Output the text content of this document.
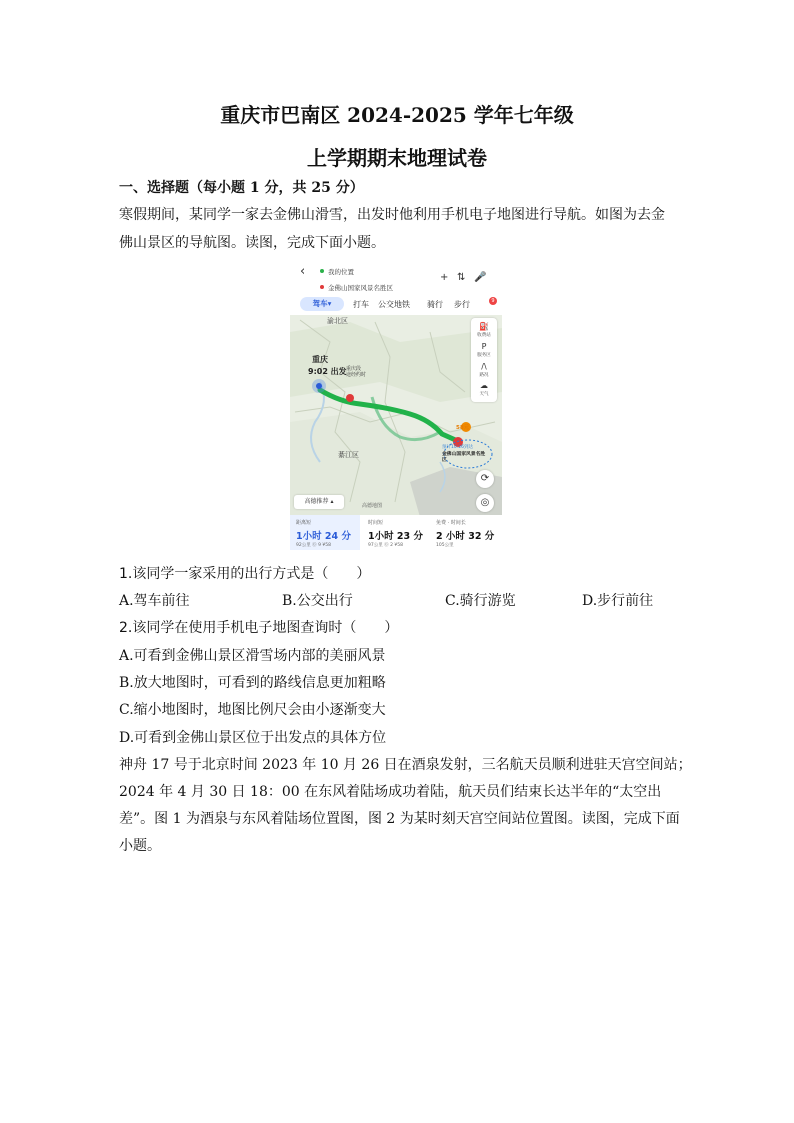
重庆市巴南区 2024-2025 学年七年级
上学期期末地理试卷
一、选择题（每小题 1 分，共 25 分）
寒假期间，某同学一家去金佛山滑雪，出发时他利用手机电子地图进行导航。如图为去金
佛山景区的导航图。读图，完成下面小题。
‹	我的位置
金佛山国家风景名胜区
+ ⇅ 🎤
驾车▾	打车 公交地铁 骑行 步行	9
⛽
收费站
P
服务区
/\
路况
☁
天气
渝北区
重庆
9:02 出发 重庆段
途经约时
綦江区
58元
预计10:26到达
金佛山国家风景名胜区
⟳
◎
高德推荐 ▴
高德地图
距离短
1小时 24 分
92公里 ⓪ 9 ¥58
时间短
1小时 23 分
97公里 ⓪ 2 ¥58
免费 · 时间长
2 小时 32 分
105公里
1.该同学一家采用的出行方式是（　　）
A.驾车前往	B.公交出行	C.骑行游览	D.步行前往
2.该同学在使用手机电子地图查询时（　　）
A.可看到金佛山景区滑雪场内部的美丽风景
B.放大地图时，可看到的路线信息更加粗略
C.缩小地图时，地图比例尺会由小逐渐变大
D.可看到金佛山景区位于出发点的具体方位
神舟 17 号于北京时间 2023 年 10 月 26 日在酒泉发射，三名航天员顺利进驻天宫空间站；
2024 年 4 月 30 日 18：00 在东风着陆场成功着陆，航天员们结束长达半年的“太空出
差”。图 1 为酒泉与东风着陆场位置图，图 2 为某时刻天宫空间站位置图。读图，完成下面
小题。
